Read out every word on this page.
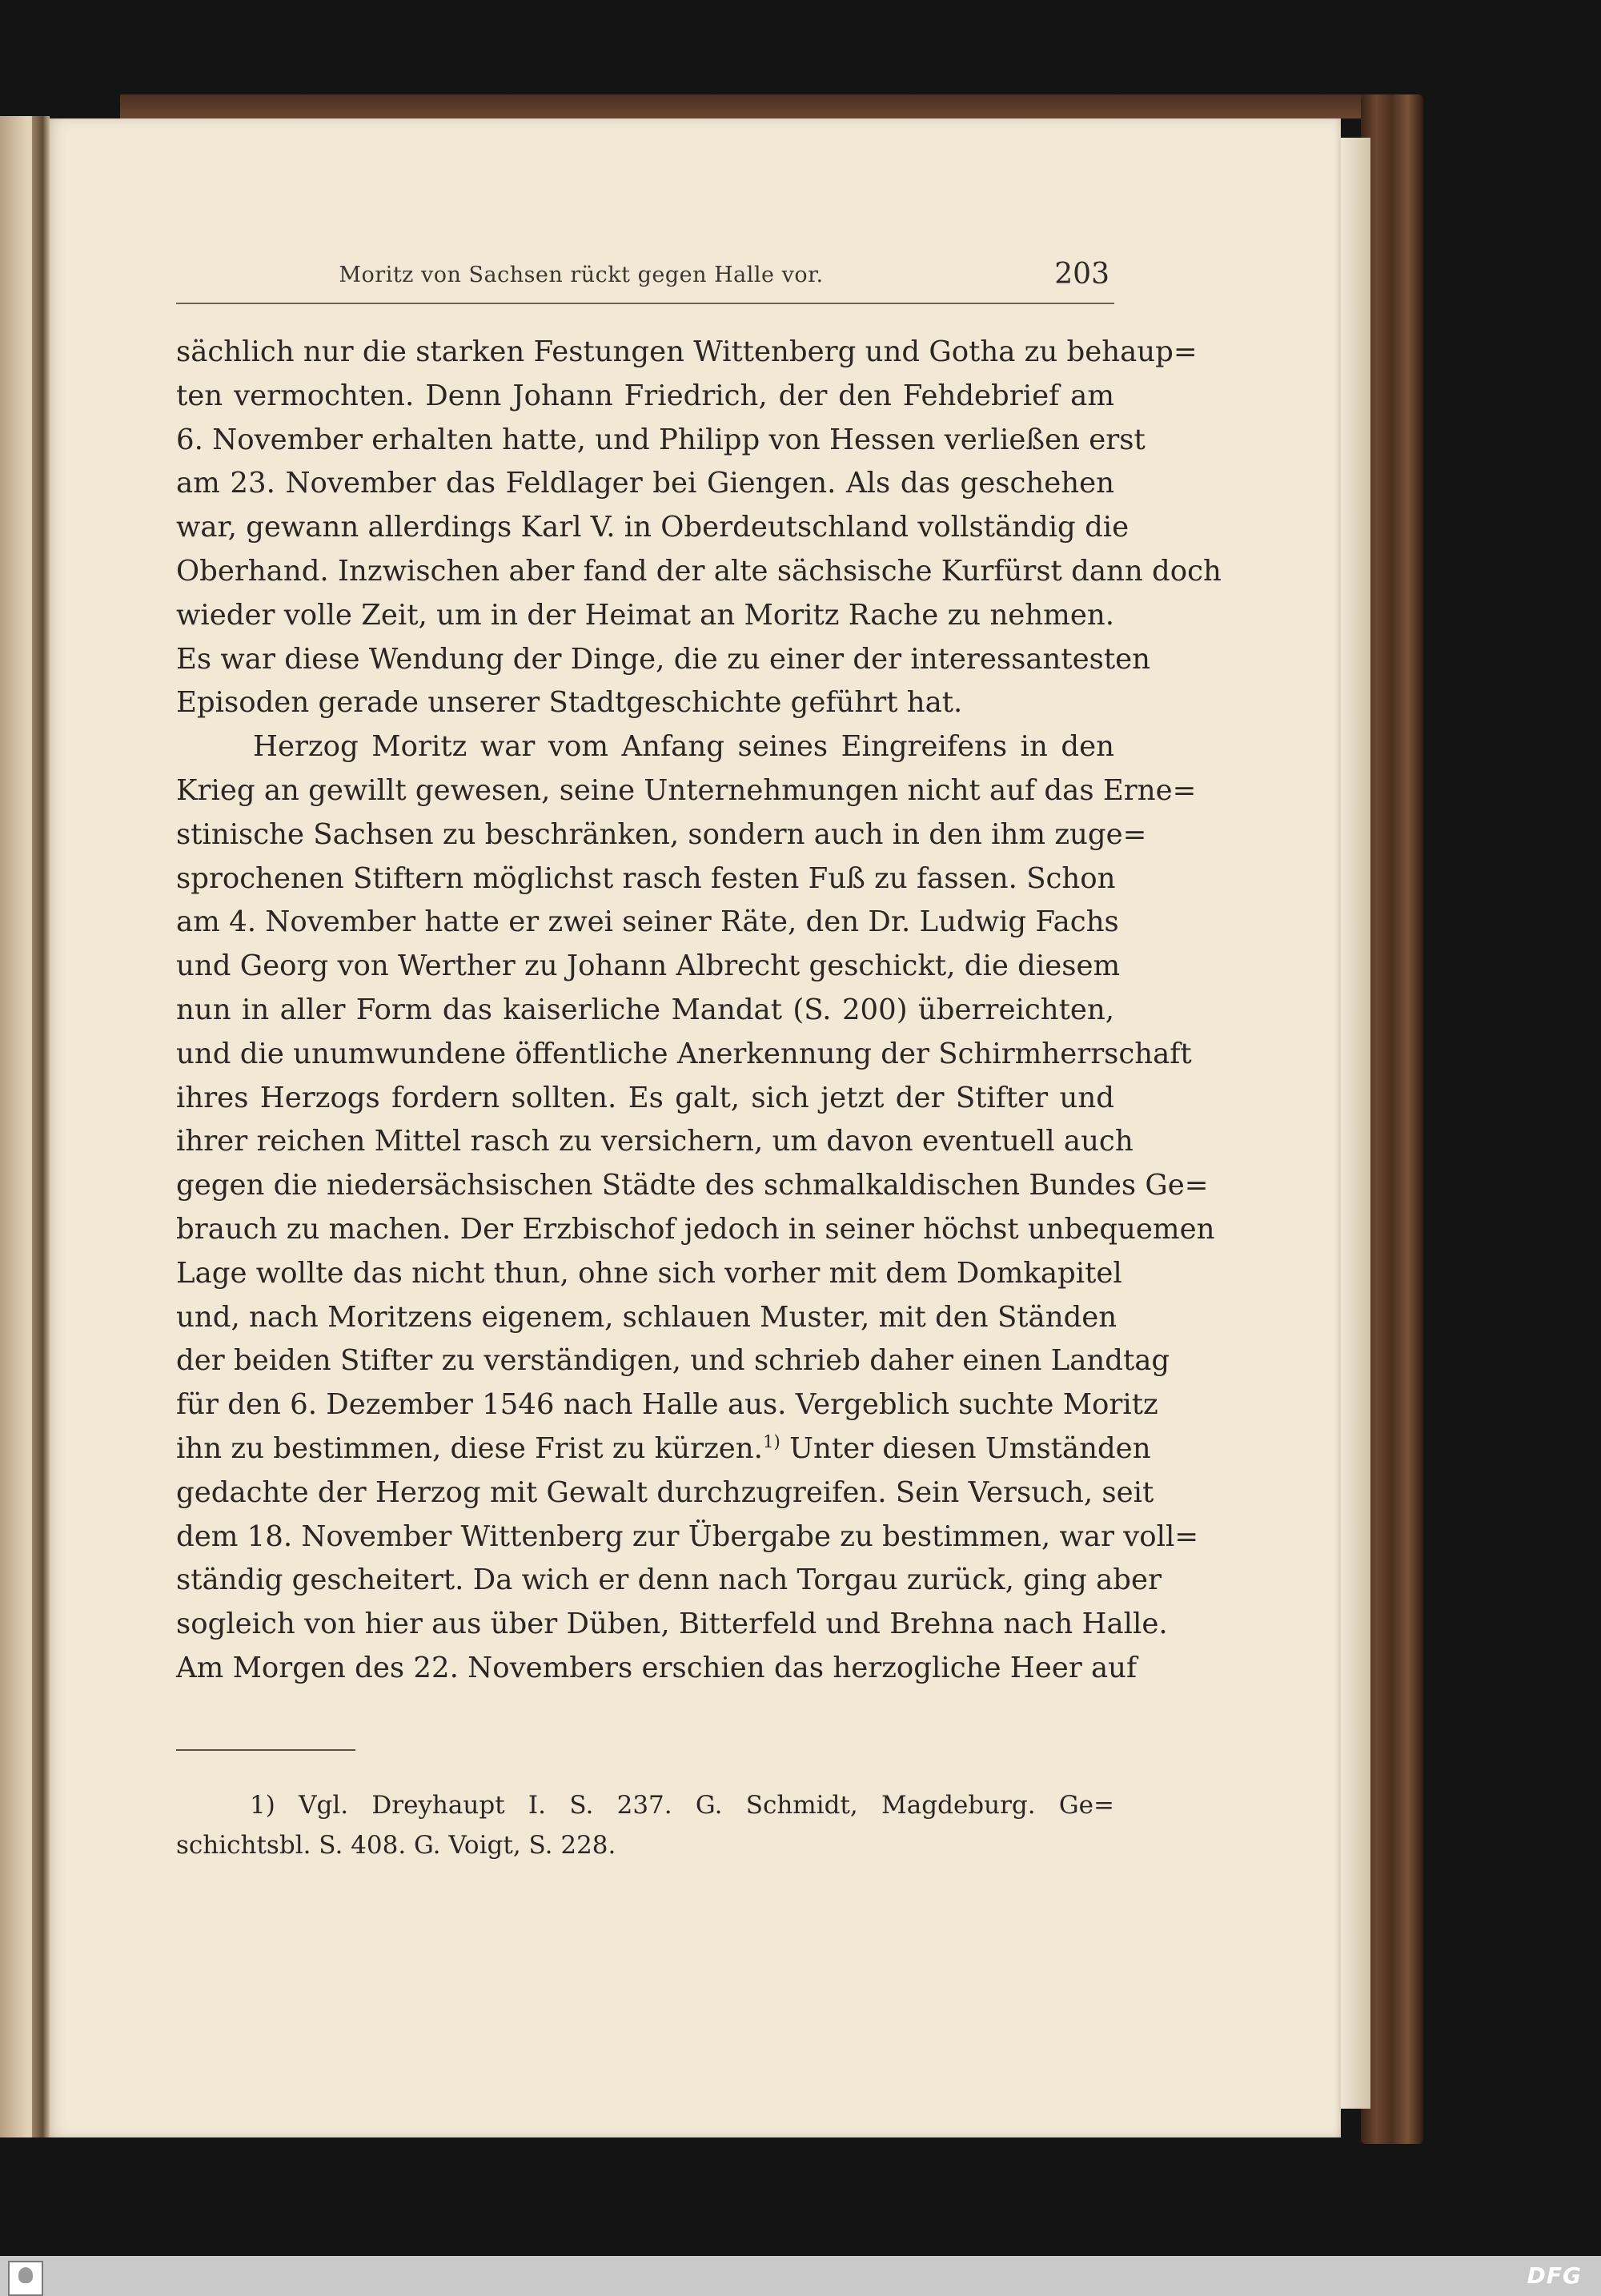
Moritz von Sachsen rückt gegen Halle vor.	203
sächlich nur die starken Festungen Wittenberg und Gotha zu behaup=
ten vermochten. Denn Johann Friedrich, der den Fehdebrief am
6. November erhalten hatte, und Philipp von Hessen verließen erst
am 23. November das Feldlager bei Giengen. Als das geschehen
war, gewann allerdings Karl V. in Oberdeutschland vollständig die
Oberhand. Inzwischen aber fand der alte sächsische Kurfürst dann doch
wieder volle Zeit, um in der Heimat an Moritz Rache zu nehmen.
Es war diese Wendung der Dinge, die zu einer der interessantesten
Episoden gerade unserer Stadtgeschichte geführt hat.
Herzog Moritz war vom Anfang seines Eingreifens in den
Krieg an gewillt gewesen, seine Unternehmungen nicht auf das Erne=
stinische Sachsen zu beschränken, sondern auch in den ihm zuge=
sprochenen Stiftern möglichst rasch festen Fuß zu fassen. Schon
am 4. November hatte er zwei seiner Räte, den Dr. Ludwig Fachs
und Georg von Werther zu Johann Albrecht geschickt, die diesem
nun in aller Form das kaiserliche Mandat (S. 200) überreichten,
und die unumwundene öffentliche Anerkennung der Schirmherrschaft
ihres Herzogs fordern sollten. Es galt, sich jetzt der Stifter und
ihrer reichen Mittel rasch zu versichern, um davon eventuell auch
gegen die niedersächsischen Städte des schmalkaldischen Bundes Ge=
brauch zu machen. Der Erzbischof jedoch in seiner höchst unbequemen
Lage wollte das nicht thun, ohne sich vorher mit dem Domkapitel
und, nach Moritzens eigenem, schlauen Muster, mit den Ständen
der beiden Stifter zu verständigen, und schrieb daher einen Landtag
für den 6. Dezember 1546 nach Halle aus. Vergeblich suchte Moritz
ihn zu bestimmen, diese Frist zu kürzen.$^{1)}$ Unter diesen Umständen
gedachte der Herzog mit Gewalt durchzugreifen. Sein Versuch, seit
dem 18. November Wittenberg zur Übergabe zu bestimmen, war voll=
ständig gescheitert. Da wich er denn nach Torgau zurück, ging aber
sogleich von hier aus über Düben, Bitterfeld und Brehna nach Halle.
Am Morgen des 22. Novembers erschien das herzogliche Heer auf
1) Vgl. Dreyhaupt I. S. 237. G. Schmidt, Magdeburg. Ge=
schichtsbl. S. 408. G. Voigt, S. 228.
DFG
